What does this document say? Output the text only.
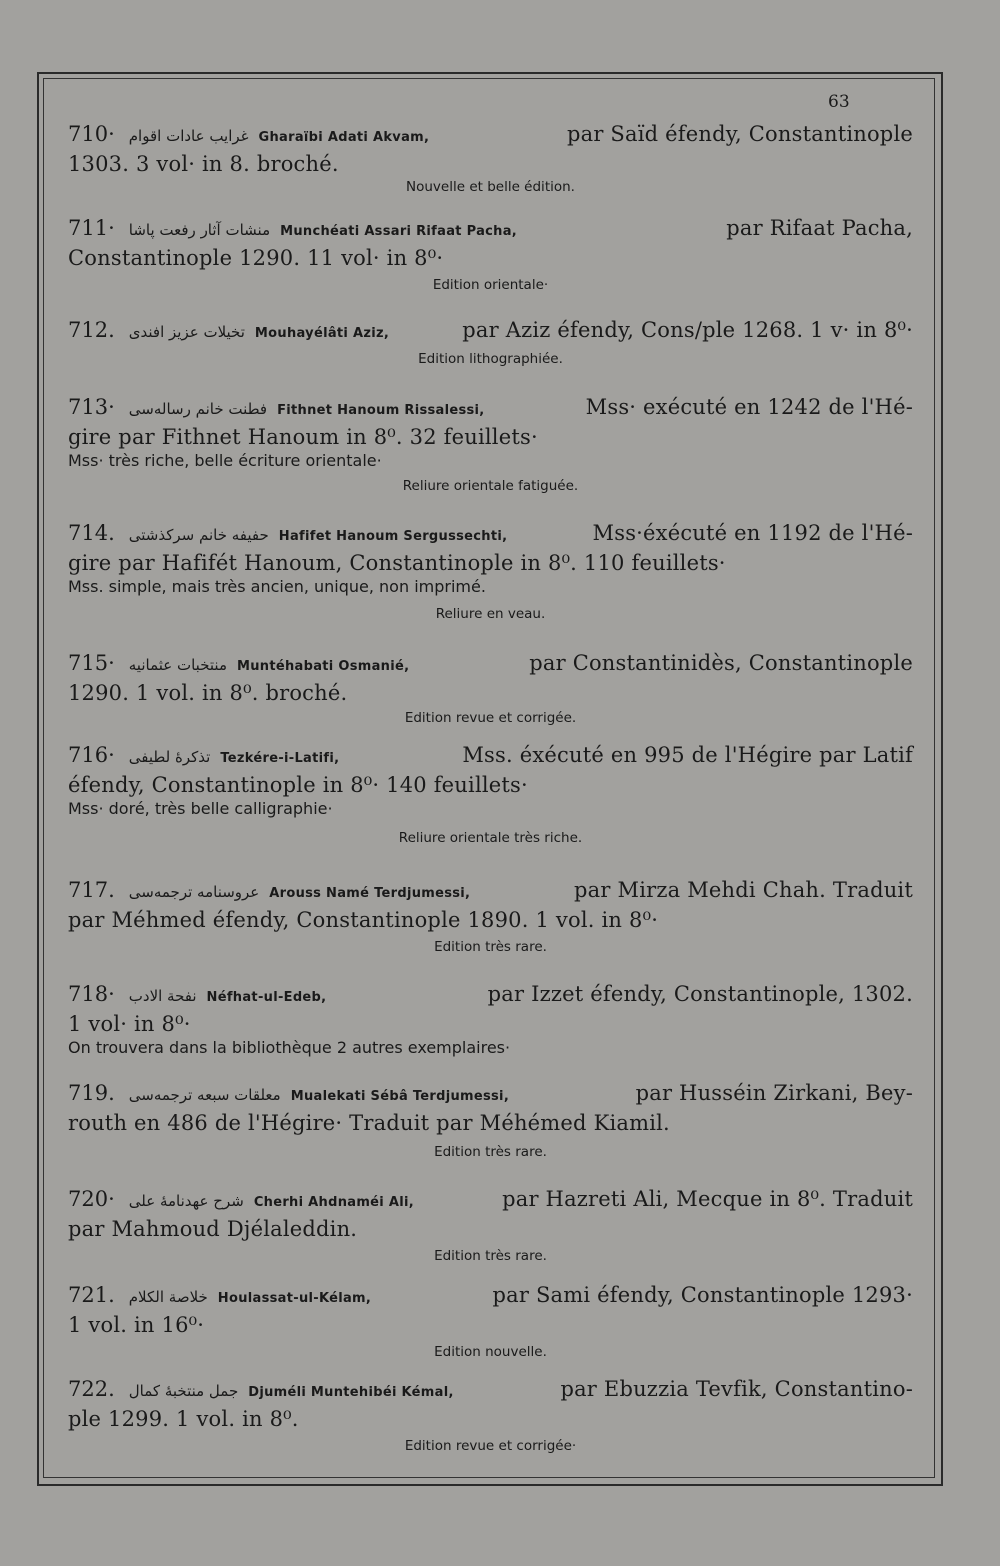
63
710· غرايب عادات اقوام Gharaïbi Adati Akvam,	par Saïd éfendy, Constantinople
1303. 3 vol· in 8. broché.
Nouvelle et belle édition.
711· منشات آثار رفعت پاشا Munchéati Assari Rifaat Pacha,	par Rifaat Pacha,
Constantinople 1290. 11 vol· in 8⁰·
Edition orientale·
712. تخيلات عزيز افندى Mouhayélâti Aziz,	par Aziz éfendy, Cons/ple 1268. 1 v· in 8⁰·
Edition lithographiée.
713· فطنت خانم رساله‌سى Fithnet Hanoum Rissalessi,	Mss· exécuté en 1242 de l'Hé-
gire par Fithnet Hanoum in 8⁰. 32 feuillets·
Mss· très riche, belle écriture orientale·
Reliure orientale fatiguée.
714. حفيفه خانم سركذشتى Hafifet Hanoum Sergussechti,	Mss·éxécuté en 1192 de l'Hé-
gire par Hafifét Hanoum, Constantinople in 8⁰. 110 feuillets·
Mss. simple, mais très ancien, unique, non imprimé.
Reliure en veau.
715· منتخبات عثمانيه Muntéhabati Osmanié,	par Constantinidès, Constantinople
1290. 1 vol. in 8⁰. broché.
Edition revue et corrigée.
716· تذكرۀ لطيفى Tezkére-i-Latifi,	Mss. éxécuté en 995 de l'Hégire par Latif
éfendy, Constantinople in 8⁰· 140 feuillets·
Mss· doré, très belle calligraphie·
Reliure orientale très riche.
717. عروسنامه ترجمه‌سى Arouss Namé Terdjumessi,	par Mirza Mehdi Chah. Traduit
par Méhmed éfendy, Constantinople 1890. 1 vol. in 8⁰·
Edition très rare.
718· نفحة الادب Néfhat-ul-Edeb,	par Izzet éfendy, Constantinople, 1302.
1 vol· in 8⁰·
On trouvera dans la bibliothèque 2 autres exemplaires·
719. معلقات سبعه ترجمه‌سى Mualekati Sébâ Terdjumessi,	par Husséin Zirkani, Bey-
routh en 486 de l'Hégire· Traduit par Méhémed Kiamil.
Edition très rare.
720· شرح عهدنامۀ على Cherhi Ahdnaméi Ali,	par Hazreti Ali, Mecque in 8⁰. Traduit
par Mahmoud Djélaleddin.
Edition très rare.
721. خلاصة الكلام Houlassat-ul-Kélam,	par Sami éfendy, Constantinople 1293·
1 vol. in 16⁰·
Edition nouvelle.
722. جمل منتخبۀ كمال Djuméli Muntehibéi Kémal,	par Ebuzzia Tevfik, Constantino-
ple 1299. 1 vol. in 8⁰.
Edition revue et corrigée·
